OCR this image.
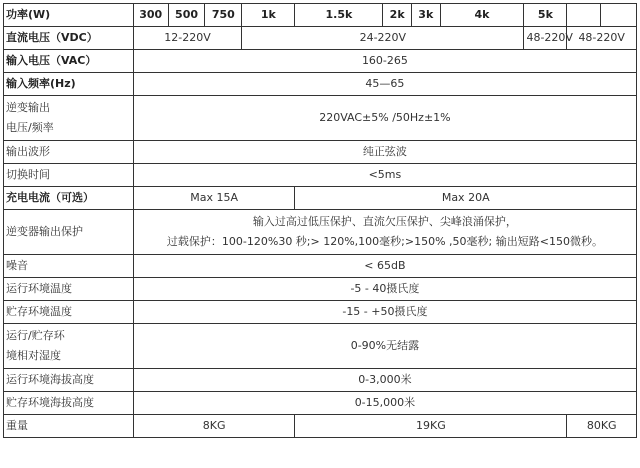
功率(W)	300	500	750	1k	1.5k	2k	3k	4k	5k		
直流电压（VDC）	12-220V			24-220V					48-220V	48-220V	
输入电压（VAC）	160-265										
输入频率(Hz)	45—65										

逆变输出
电压/频率	220VAC±5% /50Hz±1%										
输出波形	纯正弦波										
切换时间	<5ms										
充电电流（可选）	Max 15A				Max 20A						
逆变器输出保护	输入过高过低压保护、直流欠压保护、尖峰浪涌保护，
过载保护：100-120%30 秒;> 120%,100毫秒;>150% ,50毫秒; 输出短路<150微秒。										

噪音	< 65dB										
运行环境温度	-5 - 40摄氏度										
贮存环境温度	-15 - +50摄氏度										

运行/贮存环
境相对湿度	0-90%无结露										
运行环境海拔高度	0-3,000米										
贮存环境海拔高度	0-15,000米										
重量	8KG				19KG					80KG	
